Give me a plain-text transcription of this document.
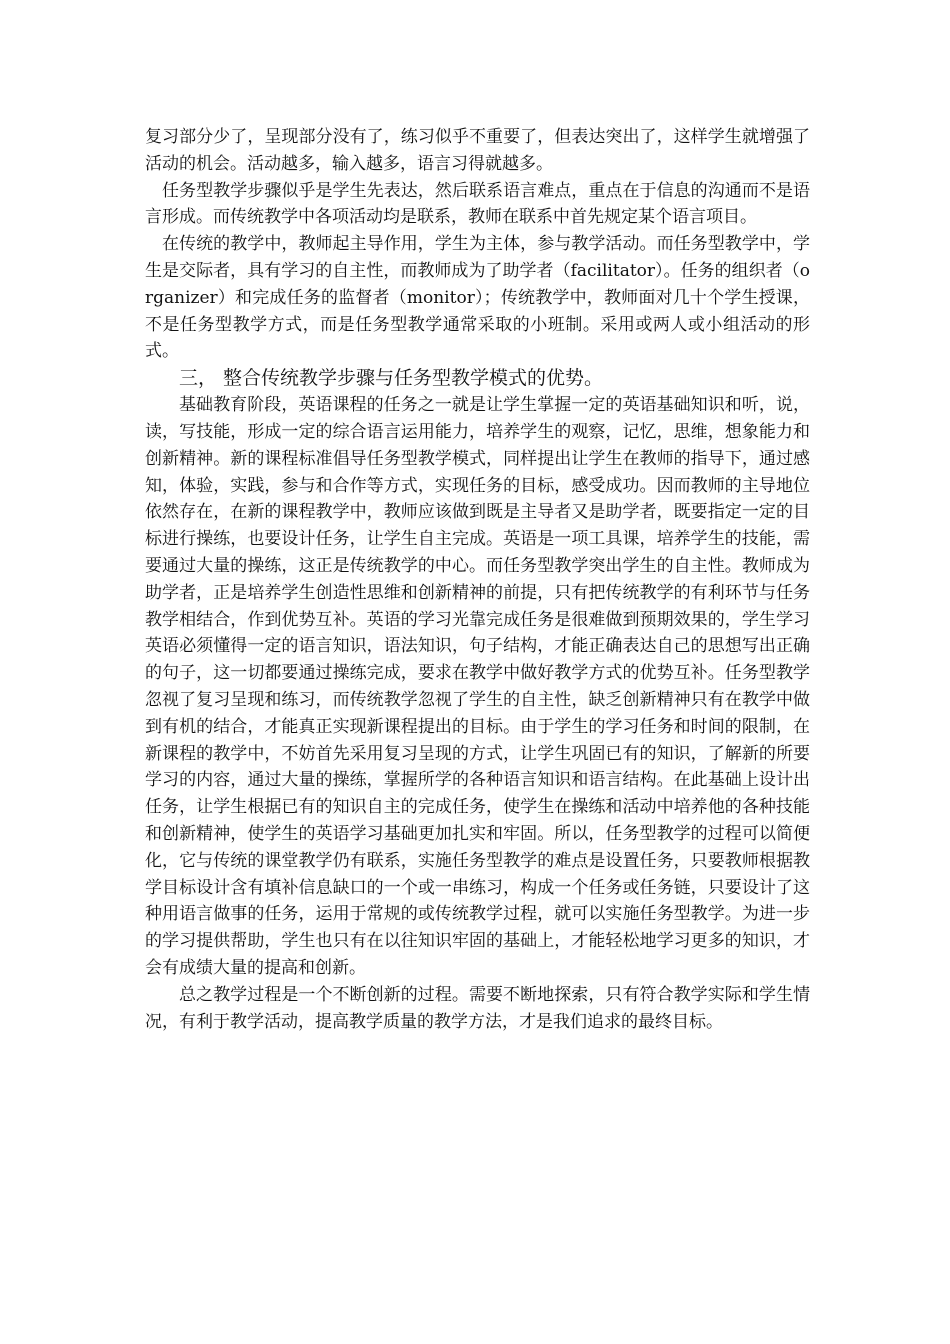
复习部分少了，呈现部分没有了，练习似乎不重要了，但表达突出了，这样学生就增强了活动的机会。活动越多，输入越多，语言习得就越多。

任务型教学步骤似乎是学生先表达，然后联系语言难点，重点在于信息的沟通而不是语言形成。而传统教学中各项活动均是联系，教师在联系中首先规定某个语言项目。

在传统的教学中，教师起主导作用，学生为主体，参与教学活动。而任务型教学中，学生是交际者，具有学习的自主性，而教师成为了助学者（facilitator）。任务的组织者（organizer）和完成任务的监督者（monitor）；传统教学中，教师面对几十个学生授课，不是任务型教学方式，而是任务型教学通常采取的小班制。采用或两人或小组活动的形式。

三， 整合传统教学步骤与任务型教学模式的优势。

基础教育阶段，英语课程的任务之一就是让学生掌握一定的英语基础知识和听，说，读，写技能，形成一定的综合语言运用能力，培养学生的观察，记忆，思维，想象能力和创新精神。新的课程标准倡导任务型教学模式，同样提出让学生在教师的指导下，通过感知，体验，实践，参与和合作等方式，实现任务的目标，感受成功。因而教师的主导地位依然存在，在新的课程教学中，教师应该做到既是主导者又是助学者，既要指定一定的目标进行操练，也要设计任务，让学生自主完成。英语是一项工具课，培养学生的技能，需要通过大量的操练，这正是传统教学的中心。而任务型教学突出学生的自主性。教师成为助学者，正是培养学生创造性思维和创新精神的前提，只有把传统教学的有利环节与任务教学相结合，作到优势互补。英语的学习光靠完成任务是很难做到预期效果的，学生学习英语必须懂得一定的语言知识，语法知识，句子结构，才能正确表达自己的思想写出正确的句子，这一切都要通过操练完成，要求在教学中做好教学方式的优势互补。任务型教学忽视了复习呈现和练习，而传统教学忽视了学生的自主性，缺乏创新精神只有在教学中做到有机的结合，才能真正实现新课程提出的目标。由于学生的学习任务和时间的限制，在新课程的教学中，不妨首先采用复习呈现的方式，让学生巩固已有的知识，了解新的所要学习的内容，通过大量的操练，掌握所学的各种语言知识和语言结构。在此基础上设计出任务，让学生根据已有的知识自主的完成任务，使学生在操练和活动中培养他的各种技能和创新精神，使学生的英语学习基础更加扎实和牢固。所以，任务型教学的过程可以简便化，它与传统的课堂教学仍有联系，实施任务型教学的难点是设置任务，只要教师根据教学目标设计含有填补信息缺口的一个或一串练习，构成一个任务或任务链，只要设计了这种用语言做事的任务，运用于常规的或传统教学过程，就可以实施任务型教学。为进一步的学习提供帮助，学生也只有在以往知识牢固的基础上，才能轻松地学习更多的知识，才会有成绩大量的提高和创新。

总之教学过程是一个不断创新的过程。需要不断地探索，只有符合教学实际和学生情况，有利于教学活动，提高教学质量的教学方法，才是我们追求的最终目标。
